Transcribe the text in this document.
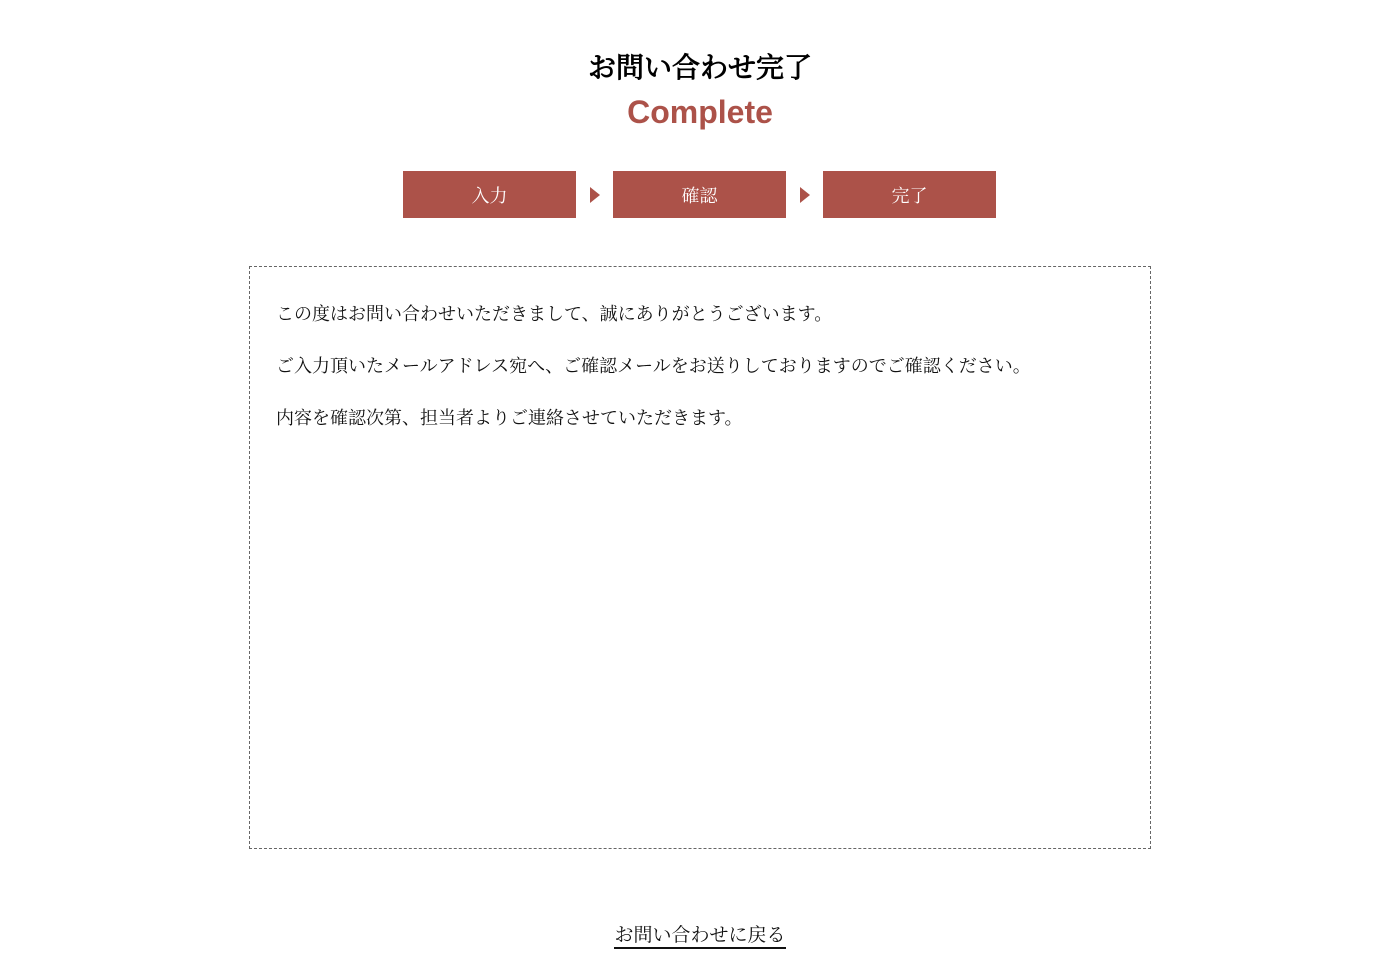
お問い合わせ完了
Complete
入力	確認	完了

この度はお問い合わせいただきまして、誠にありがとうございます。

ご入力頂いたメールアドレス宛へ、ご確認メールをお送りしておりますのでご確認ください。

内容を確認次第、担当者よりご連絡させていただきます。

お問い合わせに戻る
